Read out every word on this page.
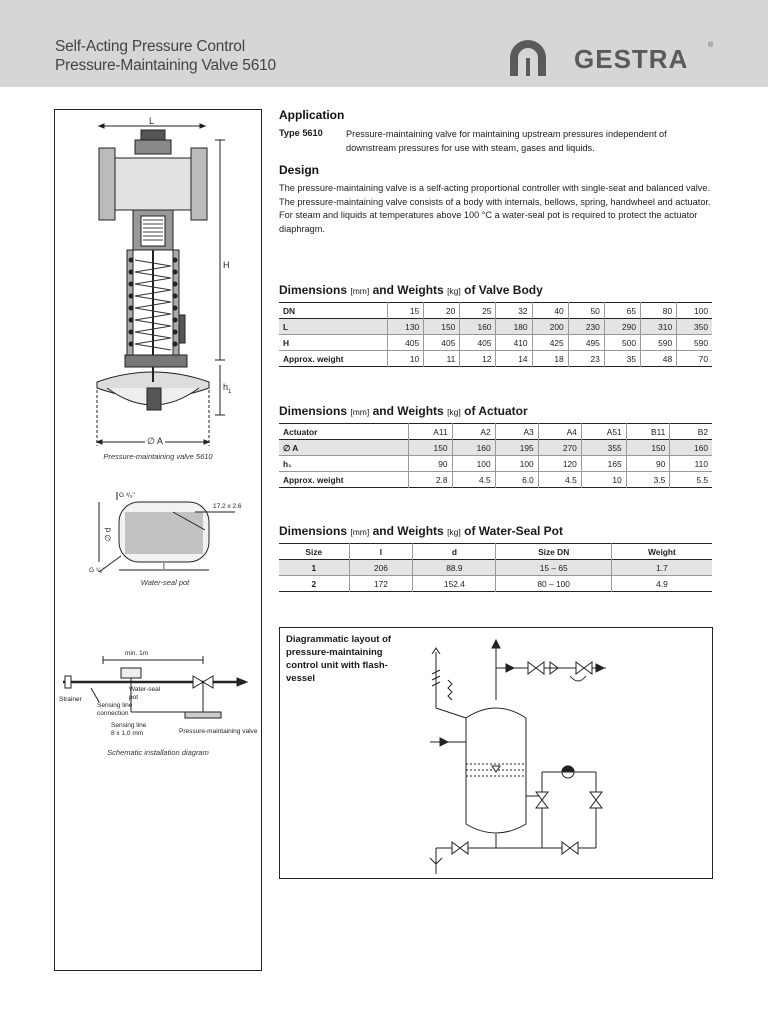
Self-Acting Pressure Control
Pressure-Maintaining Valve 5610	GESTRA	®
L
H
$h_1$
∅ A
Pressure-maintaining valve 5610
G ³/₈"
17.2 x 2.6
∅ d
l
G ¹/₈"
Water-seal pot
min. 1m
Strainer
Water-seal pot
Sensing line connection
Sensing line 8 x 1,0 mm	Pressure-maintaining valve
Schematic installation diagram
Application
Type 5610	Pressure-maintaining valve for maintaining upstream pressures independent of downstream pressures for use with steam, gases and liquids.
Design
The pressure-maintaining valve is a self-acting proportional controller with single-seat and balanced valve.
The pressure-maintaining valve consists of a body with internals, bellows, spring, handwheel and actuator. For steam and liquids at temperatures above 100 °C a water-seal pot is required to protect the actuator diaphragm.
Dimensions [mm] and Weights [kg] of Valve Body
DN	15	20	25	32	40	50	65	80	100
L	130	150	160	180	200	230	290	310	350
H	405	405	405	410	425	495	500	590	590
Approx. weight	10	11	12	14	18	23	35	48	70
Dimensions [mm] and Weights [kg] of Actuator
Actuator	A11	A2	A3	A4	A51	B11	B2
∅ A	150	160	195	270	355	150	160
h₁	90	100	100	120	165	90	110
Approx. weight	2.8	4.5	6.0	4.5	10	3.5	5.5
Dimensions [mm] and Weights [kg] of Water-Seal Pot
Size	l	d	Size DN	Weight
1	206	88.9	15 – 65	1.7
2	172	152.4	80 – 100	4.9
Diagrammatic layout of pressure-maintaining control unit with flash-vessel
